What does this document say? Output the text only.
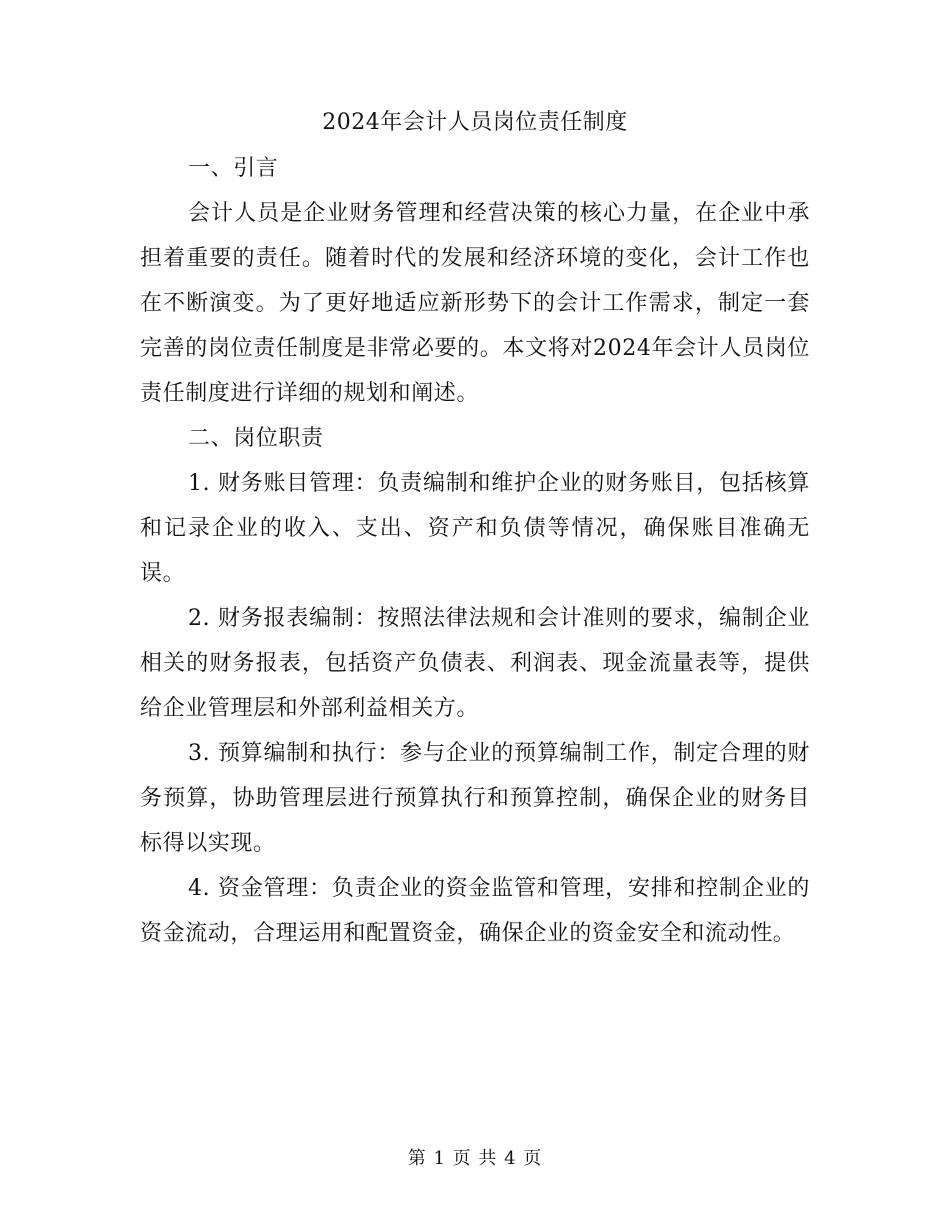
2024年会计人员岗位责任制度

一、引言

会计人员是企业财务管理和经营决策的核心力量，在企业中承担着重要的责任。随着时代的发展和经济环境的变化，会计工作也在不断演变。为了更好地适应新形势下的会计工作需求，制定一套完善的岗位责任制度是非常必要的。本文将对2024年会计人员岗位责任制度进行详细的规划和阐述。

二、岗位职责

1. 财务账目管理：负责编制和维护企业的财务账目，包括核算和记录企业的收入、支出、资产和负债等情况，确保账目准确无误。

2. 财务报表编制：按照法律法规和会计准则的要求，编制企业相关的财务报表，包括资产负债表、利润表、现金流量表等，提供给企业管理层和外部利益相关方。

3. 预算编制和执行：参与企业的预算编制工作，制定合理的财务预算，协助管理层进行预算执行和预算控制，确保企业的财务目标得以实现。

4. 资金管理：负责企业的资金监管和管理，安排和控制企业的资金流动，合理运用和配置资金，确保企业的资金安全和流动性。

第 1 页 共 4 页
